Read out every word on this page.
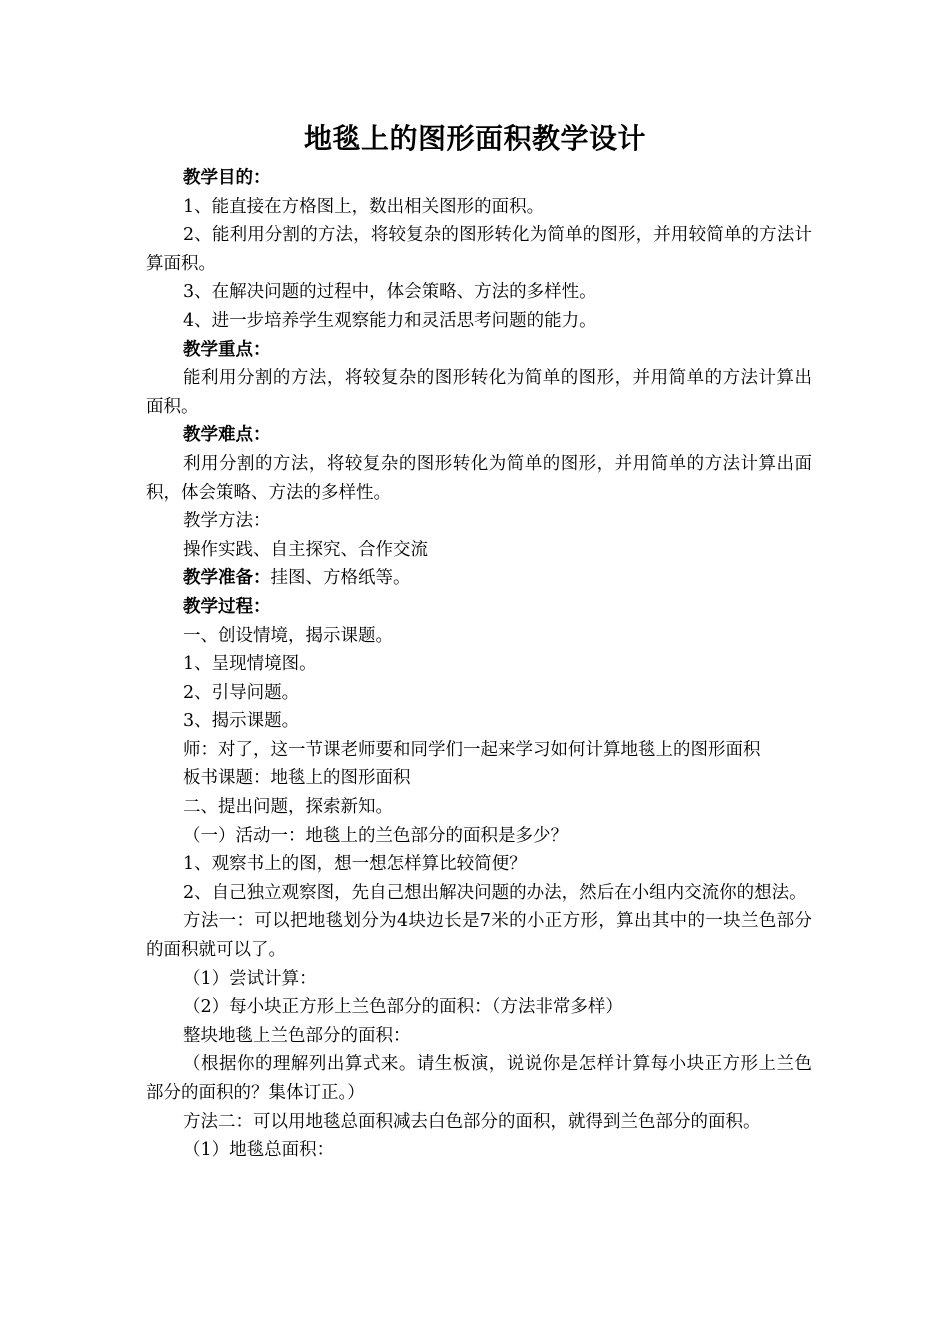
地毯上的图形面积教学设计

教学目的：

1、能直接在方格图上，数出相关图形的面积。

2、能利用分割的方法，将较复杂的图形转化为简单的图形，并用较简单的方法计算面积。

3、在解决问题的过程中，体会策略、方法的多样性。

4、进一步培养学生观察能力和灵活思考问题的能力。

教学重点：

能利用分割的方法，将较复杂的图形转化为简单的图形，并用简单的方法计算出面积。

教学难点：

利用分割的方法，将较复杂的图形转化为简单的图形，并用简单的方法计算出面积，体会策略、方法的多样性。

教学方法：

操作实践、自主探究、合作交流

教学准备：挂图、方格纸等。

教学过程：

一、创设情境，揭示课题。

1、呈现情境图。

2、引导问题。

3、揭示课题。

师：对了，这一节课老师要和同学们一起来学习如何计算地毯上的图形面积

板书课题：地毯上的图形面积

二、提出问题，探索新知。

（一）活动一：地毯上的兰色部分的面积是多少？

1、观察书上的图，想一想怎样算比较简便？

2、自己独立观察图，先自己想出解决问题的办法，然后在小组内交流你的想法。

方法一：可以把地毯划分为4块边长是7米的小正方形，算出其中的一块兰色部分的面积就可以了。

（1）尝试计算：

（2）每小块正方形上兰色部分的面积：（方法非常多样）

整块地毯上兰色部分的面积：

（根据你的理解列出算式来。请生板演，说说你是怎样计算每小块正方形上兰色部分的面积的？集体订正。）

方法二：可以用地毯总面积减去白色部分的面积，就得到兰色部分的面积。

（1）地毯总面积：
